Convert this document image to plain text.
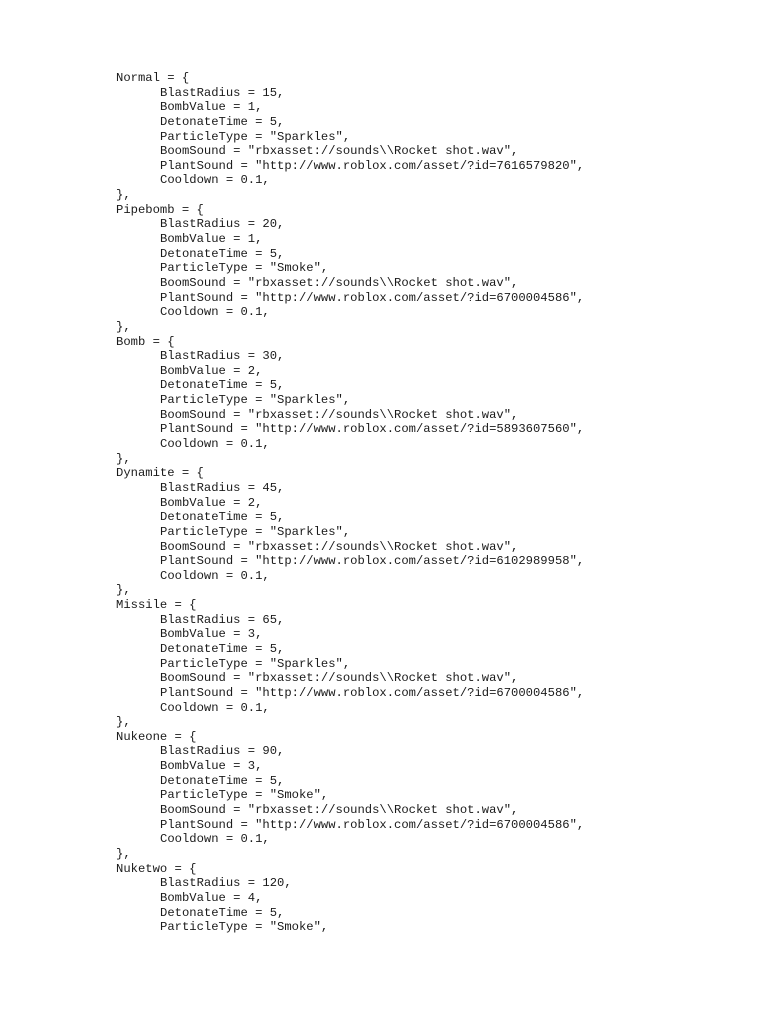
Normal = {
BlastRadius = 15,
BombValue = 1,
DetonateTime = 5,
ParticleType = "Sparkles",
BoomSound = "rbxasset://sounds\\Rocket shot.wav",
PlantSound = "http://www.roblox.com/asset/?id=7616579820",
Cooldown = 0.1,
},
Pipebomb = {
BlastRadius = 20,
BombValue = 1,
DetonateTime = 5,
ParticleType = "Smoke",
BoomSound = "rbxasset://sounds\\Rocket shot.wav",
PlantSound = "http://www.roblox.com/asset/?id=6700004586",
Cooldown = 0.1,
},
Bomb = {
BlastRadius = 30,
BombValue = 2,
DetonateTime = 5,
ParticleType = "Sparkles",
BoomSound = "rbxasset://sounds\\Rocket shot.wav",
PlantSound = "http://www.roblox.com/asset/?id=5893607560",
Cooldown = 0.1,
},
Dynamite = {
BlastRadius = 45,
BombValue = 2,
DetonateTime = 5,
ParticleType = "Sparkles",
BoomSound = "rbxasset://sounds\\Rocket shot.wav",
PlantSound = "http://www.roblox.com/asset/?id=6102989958",
Cooldown = 0.1,
},
Missile = {
BlastRadius = 65,
BombValue = 3,
DetonateTime = 5,
ParticleType = "Sparkles",
BoomSound = "rbxasset://sounds\\Rocket shot.wav",
PlantSound = "http://www.roblox.com/asset/?id=6700004586",
Cooldown = 0.1,
},
Nukeone = {
BlastRadius = 90,
BombValue = 3,
DetonateTime = 5,
ParticleType = "Smoke",
BoomSound = "rbxasset://sounds\\Rocket shot.wav",
PlantSound = "http://www.roblox.com/asset/?id=6700004586",
Cooldown = 0.1,
},
Nuketwo = {
BlastRadius = 120,
BombValue = 4,
DetonateTime = 5,
ParticleType = "Smoke",
